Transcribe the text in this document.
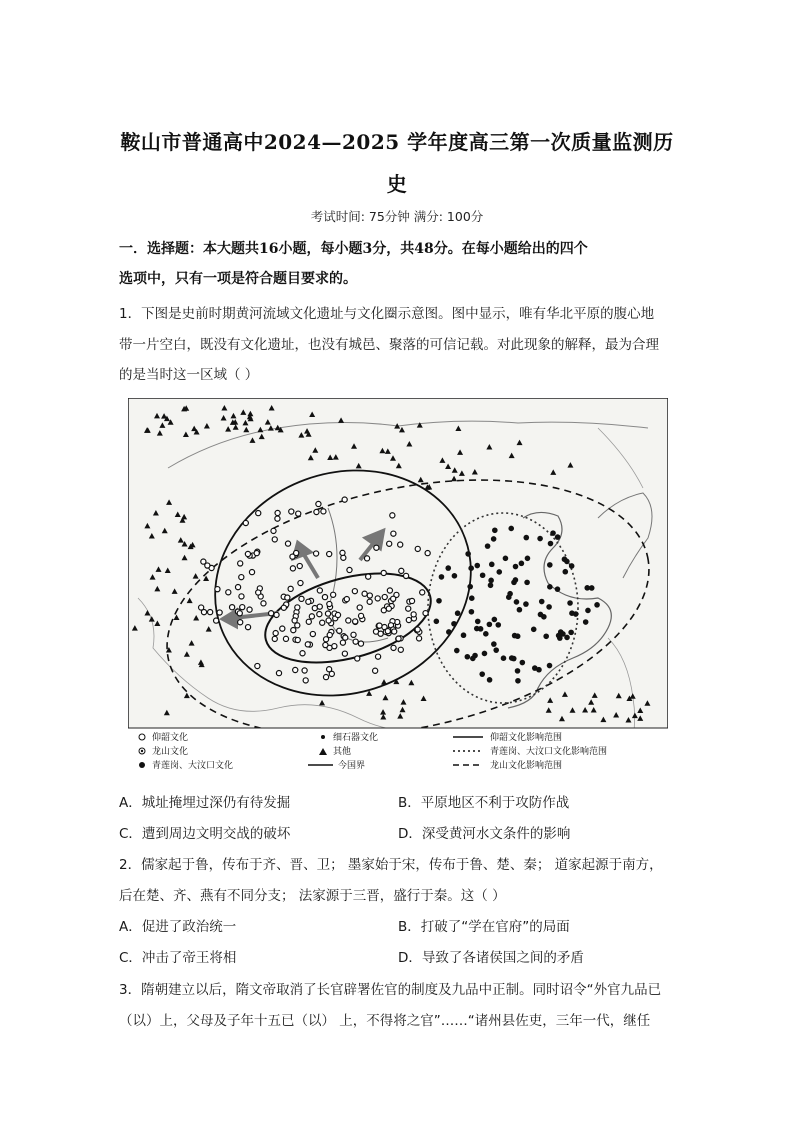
鞍山市普通高中2024—2025 学年度高三第一次质量监测历
史
考试时间: 75分钟 满分: 100分
一．选择题：本大题共16小题，每小题3分，共48分。在每小题给出的四个
选项中，只有一项是符合题目要求的。
1．下图是史前时期黄河流域文化遗址与文化圈示意图。图中显示，唯有华北平原的腹心地
带一片空白，既没有文化遗址，也没有城邑、聚落的可信记载。对此现象的解释，最为合理
的是当时这一区域（ ）
仰韶文化
龙山文化
青莲岗、大汶口文化
细石器文化
其他
今国界
仰韶文化影响范围
青莲岗、大汶口文化影响范围
龙山文化影响范围
A．城址掩埋过深仍有待发掘	B．平原地区不利于攻防作战
C．遭到周边文明交战的破坏	D．深受黄河水文条件的影响
2．儒家起于鲁，传布于齐、晋、卫； 墨家始于宋，传布于鲁、楚、秦； 道家起源于南方，
后在楚、齐、燕有不同分支； 法家源于三晋，盛行于秦。这（ ）
A．促进了政治统一	B．打破了“学在官府”的局面
C．冲击了帝王将相	D．导致了各诸侯国之间的矛盾
3．隋朝建立以后，隋文帝取消了长官辟署佐官的制度及九品中正制。同时诏令“外官九品已
（以）上，父母及子年十五已（以） 上，不得将之官”……“诸州县佐吏，三年一代，继任
